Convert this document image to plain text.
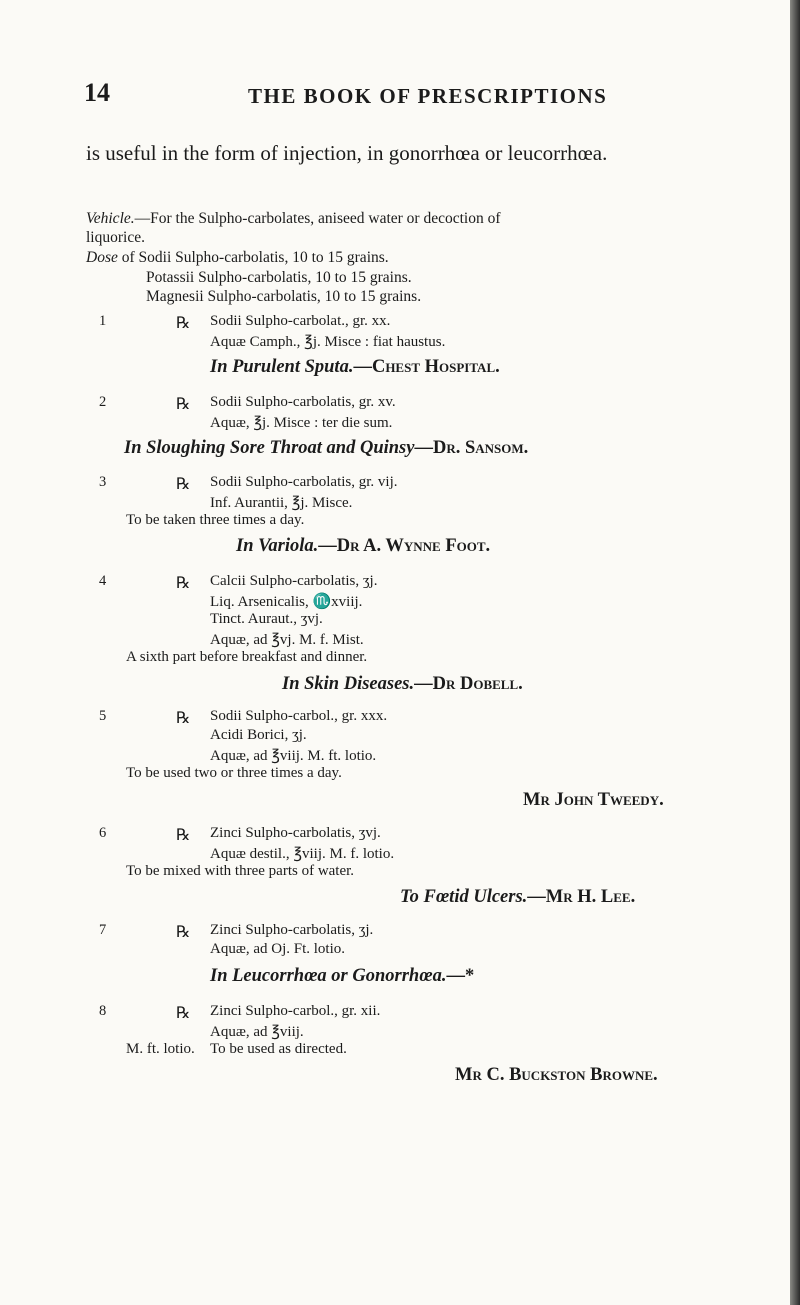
14	THE BOOK OF PRESCRIPTIONS
is useful in the form of injection, in gonorrhœa or leucorrhœa.
Vehicle.—For the Sulpho-carbolates, aniseed water or decoction of
liquorice.
Dose of Sodii Sulpho-carbolatis, 10 to 15 grains.
Potassii Sulpho-carbolatis, 10 to 15 grains.
Magnesii Sulpho-carbolatis, 10 to 15 grains.
1	℞ Sodii Sulpho-carbolat., gr. xx.
Aquæ Camph., ℥j. Misce : fiat haustus.
In Purulent Sputa.—Chest Hospital.
2	℞ Sodii Sulpho-carbolatis, gr. xv.
Aquæ, ℥j. Misce : ter die sum.
In Sloughing Sore Throat and Quinsy—Dr. Sansom.
3	℞ Sodii Sulpho-carbolatis, gr. vij.
Inf. Aurantii, ℥j. Misce.
To be taken three times a day.
In Variola.—Dr A. Wynne Foot.
4	℞ Calcii Sulpho-carbolatis, ʒj.
Liq. Arsenicalis, ♏xviij.
Tinct. Auraut., ʒvj.
Aquæ, ad ℥vj. M. f. Mist.
A sixth part before breakfast and dinner.
In Skin Diseases.—Dr Dobell.
5	℞ Sodii Sulpho-carbol., gr. xxx.
Acidi Borici, ʒj.
Aquæ, ad ℥viij. M. ft. lotio.
To be used two or three times a day.
Mr John Tweedy.
6	℞ Zinci Sulpho-carbolatis, ʒvj.
Aquæ destil., ℥viij. M. f. lotio.
To be mixed with three parts of water.
To Fœtid Ulcers.—Mr H. Lee.
7	℞ Zinci Sulpho-carbolatis, ʒj.
Aquæ, ad Oj. Ft. lotio.
In Leucorrhœa or Gonorrhœa.—*
8	℞ Zinci Sulpho-carbol., gr. xii.
Aquæ, ad ℥viij.
M. ft. lotio. To be used as directed.
Mr C. Buckston Browne.
